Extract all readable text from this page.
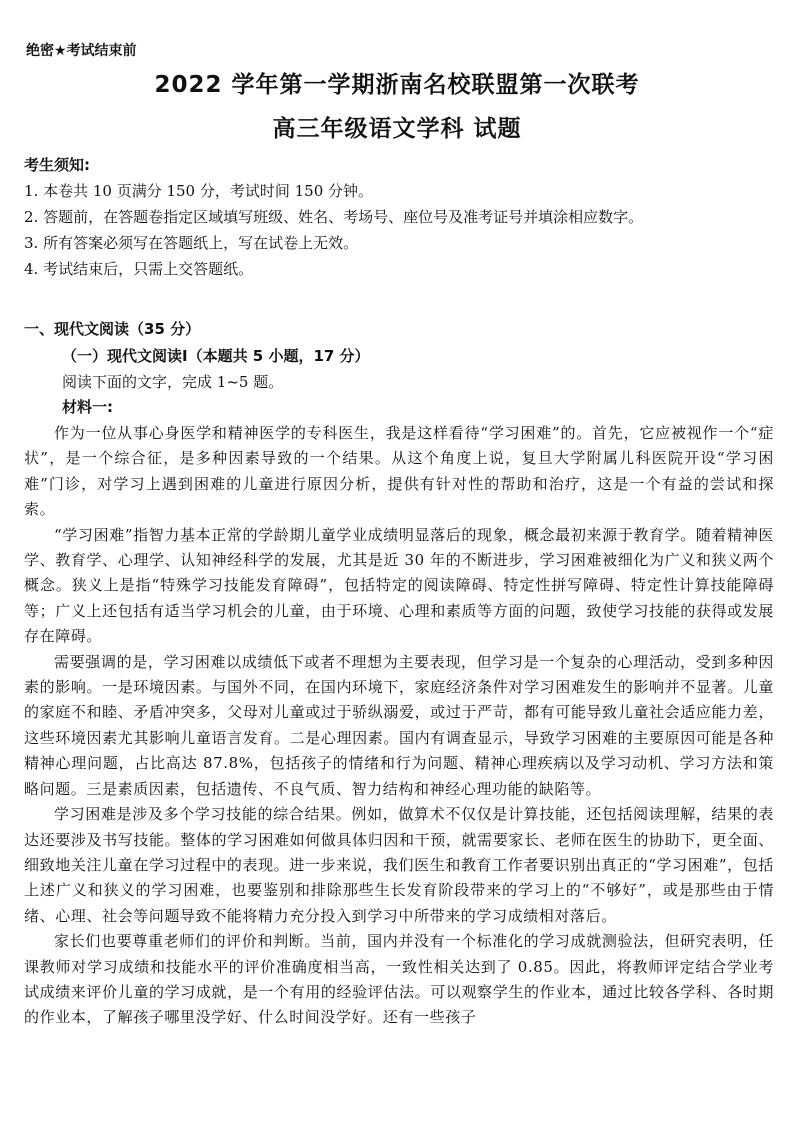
绝密★考试结束前
2022 学年第一学期浙南名校联盟第一次联考
高三年级语文学科 试题
考生须知:
1. 本卷共 10 页满分 150 分，考试时间 150 分钟。
2. 答题前，在答题卷指定区域填写班级、姓名、考场号、座位号及准考证号并填涂相应数字。
3. 所有答案必须写在答题纸上，写在试卷上无效。
4. 考试结束后，只需上交答题纸。
一、现代文阅读（35 分）
（一）现代文阅读Ⅰ（本题共 5 小题，17 分）
阅读下面的文字，完成 1~5 题。
材料一:

作为一位从事心身医学和精神医学的专科医生，我是这样看待“学习困难”的。首先，它应被视作一个“症状”，是一个综合征，是多种因素导致的一个结果。从这个角度上说，复旦大学附属儿科医院开设“学习困难”门诊，对学习上遇到困难的儿童进行原因分析，提供有针对性的帮助和治疗，这是一个有益的尝试和探索。

“学习困难”指智力基本正常的学龄期儿童学业成绩明显落后的现象，概念最初来源于教育学。随着精神医学、教育学、心理学、认知神经科学的发展，尤其是近 30 年的不断进步，学习困难被细化为广义和狭义两个概念。狭义上是指“特殊学习技能发育障碍”，包括特定的阅读障碍、特定性拼写障碍、特定性计算技能障碍等；广义上还包括有适当学习机会的儿童，由于环境、心理和素质等方面的问题，致使学习技能的获得或发展存在障碍。

需要强调的是，学习困难以成绩低下或者不理想为主要表现，但学习是一个复杂的心理活动，受到多种因素的影响。一是环境因素。与国外不同，在国内环境下，家庭经济条件对学习困难发生的影响并不显著。儿童的家庭不和睦、矛盾冲突多，父母对儿童或过于骄纵溺爱，或过于严苛，都有可能导致儿童社会适应能力差，这些环境因素尤其影响儿童语言发育。二是心理因素。国内有调查显示，导致学习困难的主要原因可能是各种精神心理问题，占比高达 87.8%，包括孩子的情绪和行为问题、精神心理疾病以及学习动机、学习方法和策略问题。三是素质因素，包括遗传、不良气质、智力结构和神经心理功能的缺陷等。

学习困难是涉及多个学习技能的综合结果。例如，做算术不仅仅是计算技能，还包括阅读理解，结果的表达还要涉及书写技能。整体的学习困难如何做具体归因和干预，就需要家长、老师在医生的协助下，更全面、细致地关注儿童在学习过程中的表现。进一步来说，我们医生和教育工作者要识别出真正的“学习困难”，包括上述广义和狭义的学习困难，也要鉴别和排除那些生长发育阶段带来的学习上的“不够好”，或是那些由于情绪、心理、社会等问题导致不能将精力充分投入到学习中所带来的学习成绩相对落后。

家长们也要尊重老师们的评价和判断。当前，国内并没有一个标准化的学习成就测验法，但研究表明，任课教师对学习成绩和技能水平的评价准确度相当高，一致性相关达到了 0.85。因此，将教师评定结合学业考试成绩来评价儿童的学习成就，是一个有用的经验评估法。可以观察学生的作业本，通过比较各学科、各时期的作业本，了解孩子哪里没学好、什么时间没学好。还有一些孩子
